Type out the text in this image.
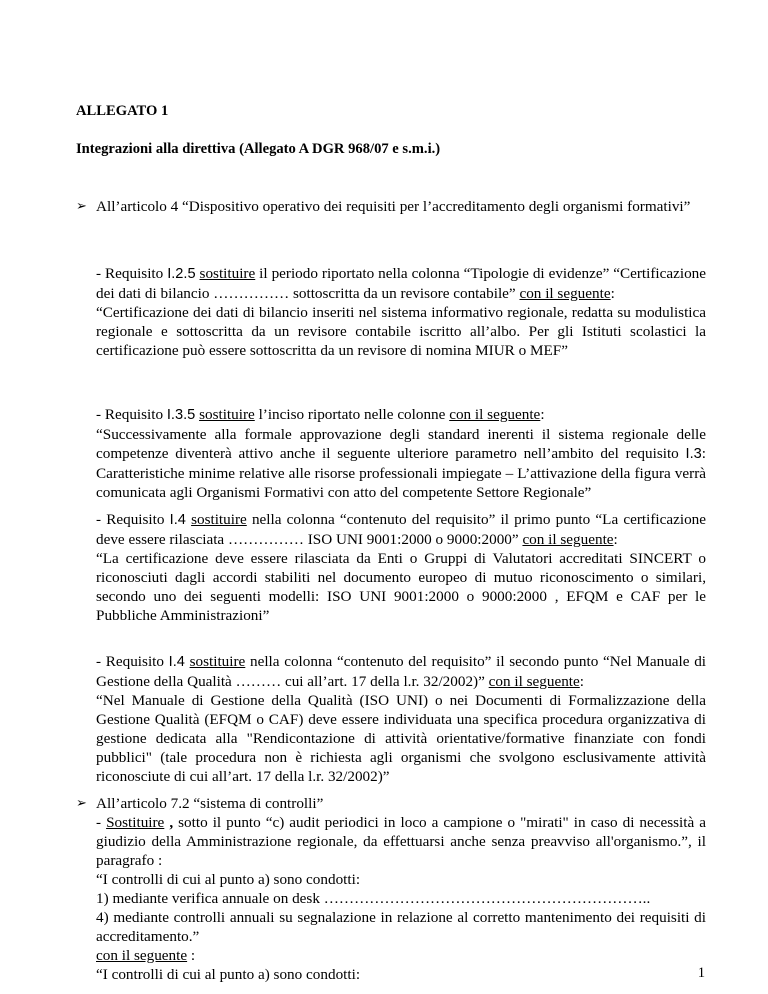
ALLEGATO 1
Integrazioni alla direttiva (Allegato A DGR 968/07 e s.m.i.)
➢ All’articolo 4 “Dispositivo operativo dei requisiti per l’accreditamento degli organismi formativi”
- Requisito I.2.5 sostituire il periodo riportato nella colonna “Tipologie di evidenze” “Certificazione dei dati di bilancio …………… sottoscritta da un revisore contabile” con il seguente:
“Certificazione dei dati di bilancio inseriti nel sistema informativo regionale, redatta su modulistica regionale e sottoscritta da un revisore contabile iscritto all’albo. Per gli Istituti scolastici la certificazione può essere sottoscritta da un revisore di nomina MIUR o MEF”
- Requisito I.3.5 sostituire l’inciso riportato nelle colonne con il seguente:
“Successivamente alla formale approvazione degli standard inerenti il sistema regionale delle competenze diventerà attivo anche il seguente ulteriore parametro nell’ambito del requisito I.3: Caratteristiche minime relative alle risorse professionali impiegate – L’attivazione della figura verrà comunicata agli Organismi Formativi con atto del competente Settore Regionale”
- Requisito I.4 sostituire nella colonna “contenuto del requisito” il primo punto “La certificazione deve essere rilasciata …………… ISO UNI 9001:2000 o 9000:2000” con il seguente:
“La certificazione deve essere rilasciata da Enti o Gruppi di Valutatori accreditati SINCERT o riconosciuti dagli accordi stabiliti nel documento europeo di mutuo riconoscimento o similari, secondo uno dei seguenti modelli: ISO UNI 9001:2000 o 9000:2000 , EFQM e CAF per le Pubbliche Amministrazioni”
- Requisito I.4 sostituire nella colonna “contenuto del requisito” il secondo punto “Nel Manuale di Gestione della Qualità ……… cui all’art. 17 della l.r. 32/2002)” con il seguente:
“Nel Manuale di Gestione della Qualità (ISO UNI) o nei Documenti di Formalizzazione della Gestione Qualità (EFQM o CAF) deve essere individuata una specifica procedura organizzativa di gestione dedicata alla "Rendicontazione di attività orientative/formative finanziate con fondi pubblici" (tale procedura non è richiesta agli organismi che svolgono esclusivamente attività riconosciute di cui all’art. 17 della l.r. 32/2002)”
➢ All’articolo 7.2 “sistema di controlli”
- Sostituire , sotto il punto “c) audit periodici in loco a campione o "mirati" in caso di necessità a giudizio della Amministrazione regionale, da effettuarsi anche senza preavviso all'organismo.”, il paragrafo :
“I controlli di cui al punto a) sono condotti:
1) mediante verifica annuale on desk ………………………………………………………..
4) mediante controlli annuali su segnalazione in relazione al corretto mantenimento dei requisiti di accreditamento.”
con il seguente :
“I controlli di cui al punto a) sono condotti:	1
